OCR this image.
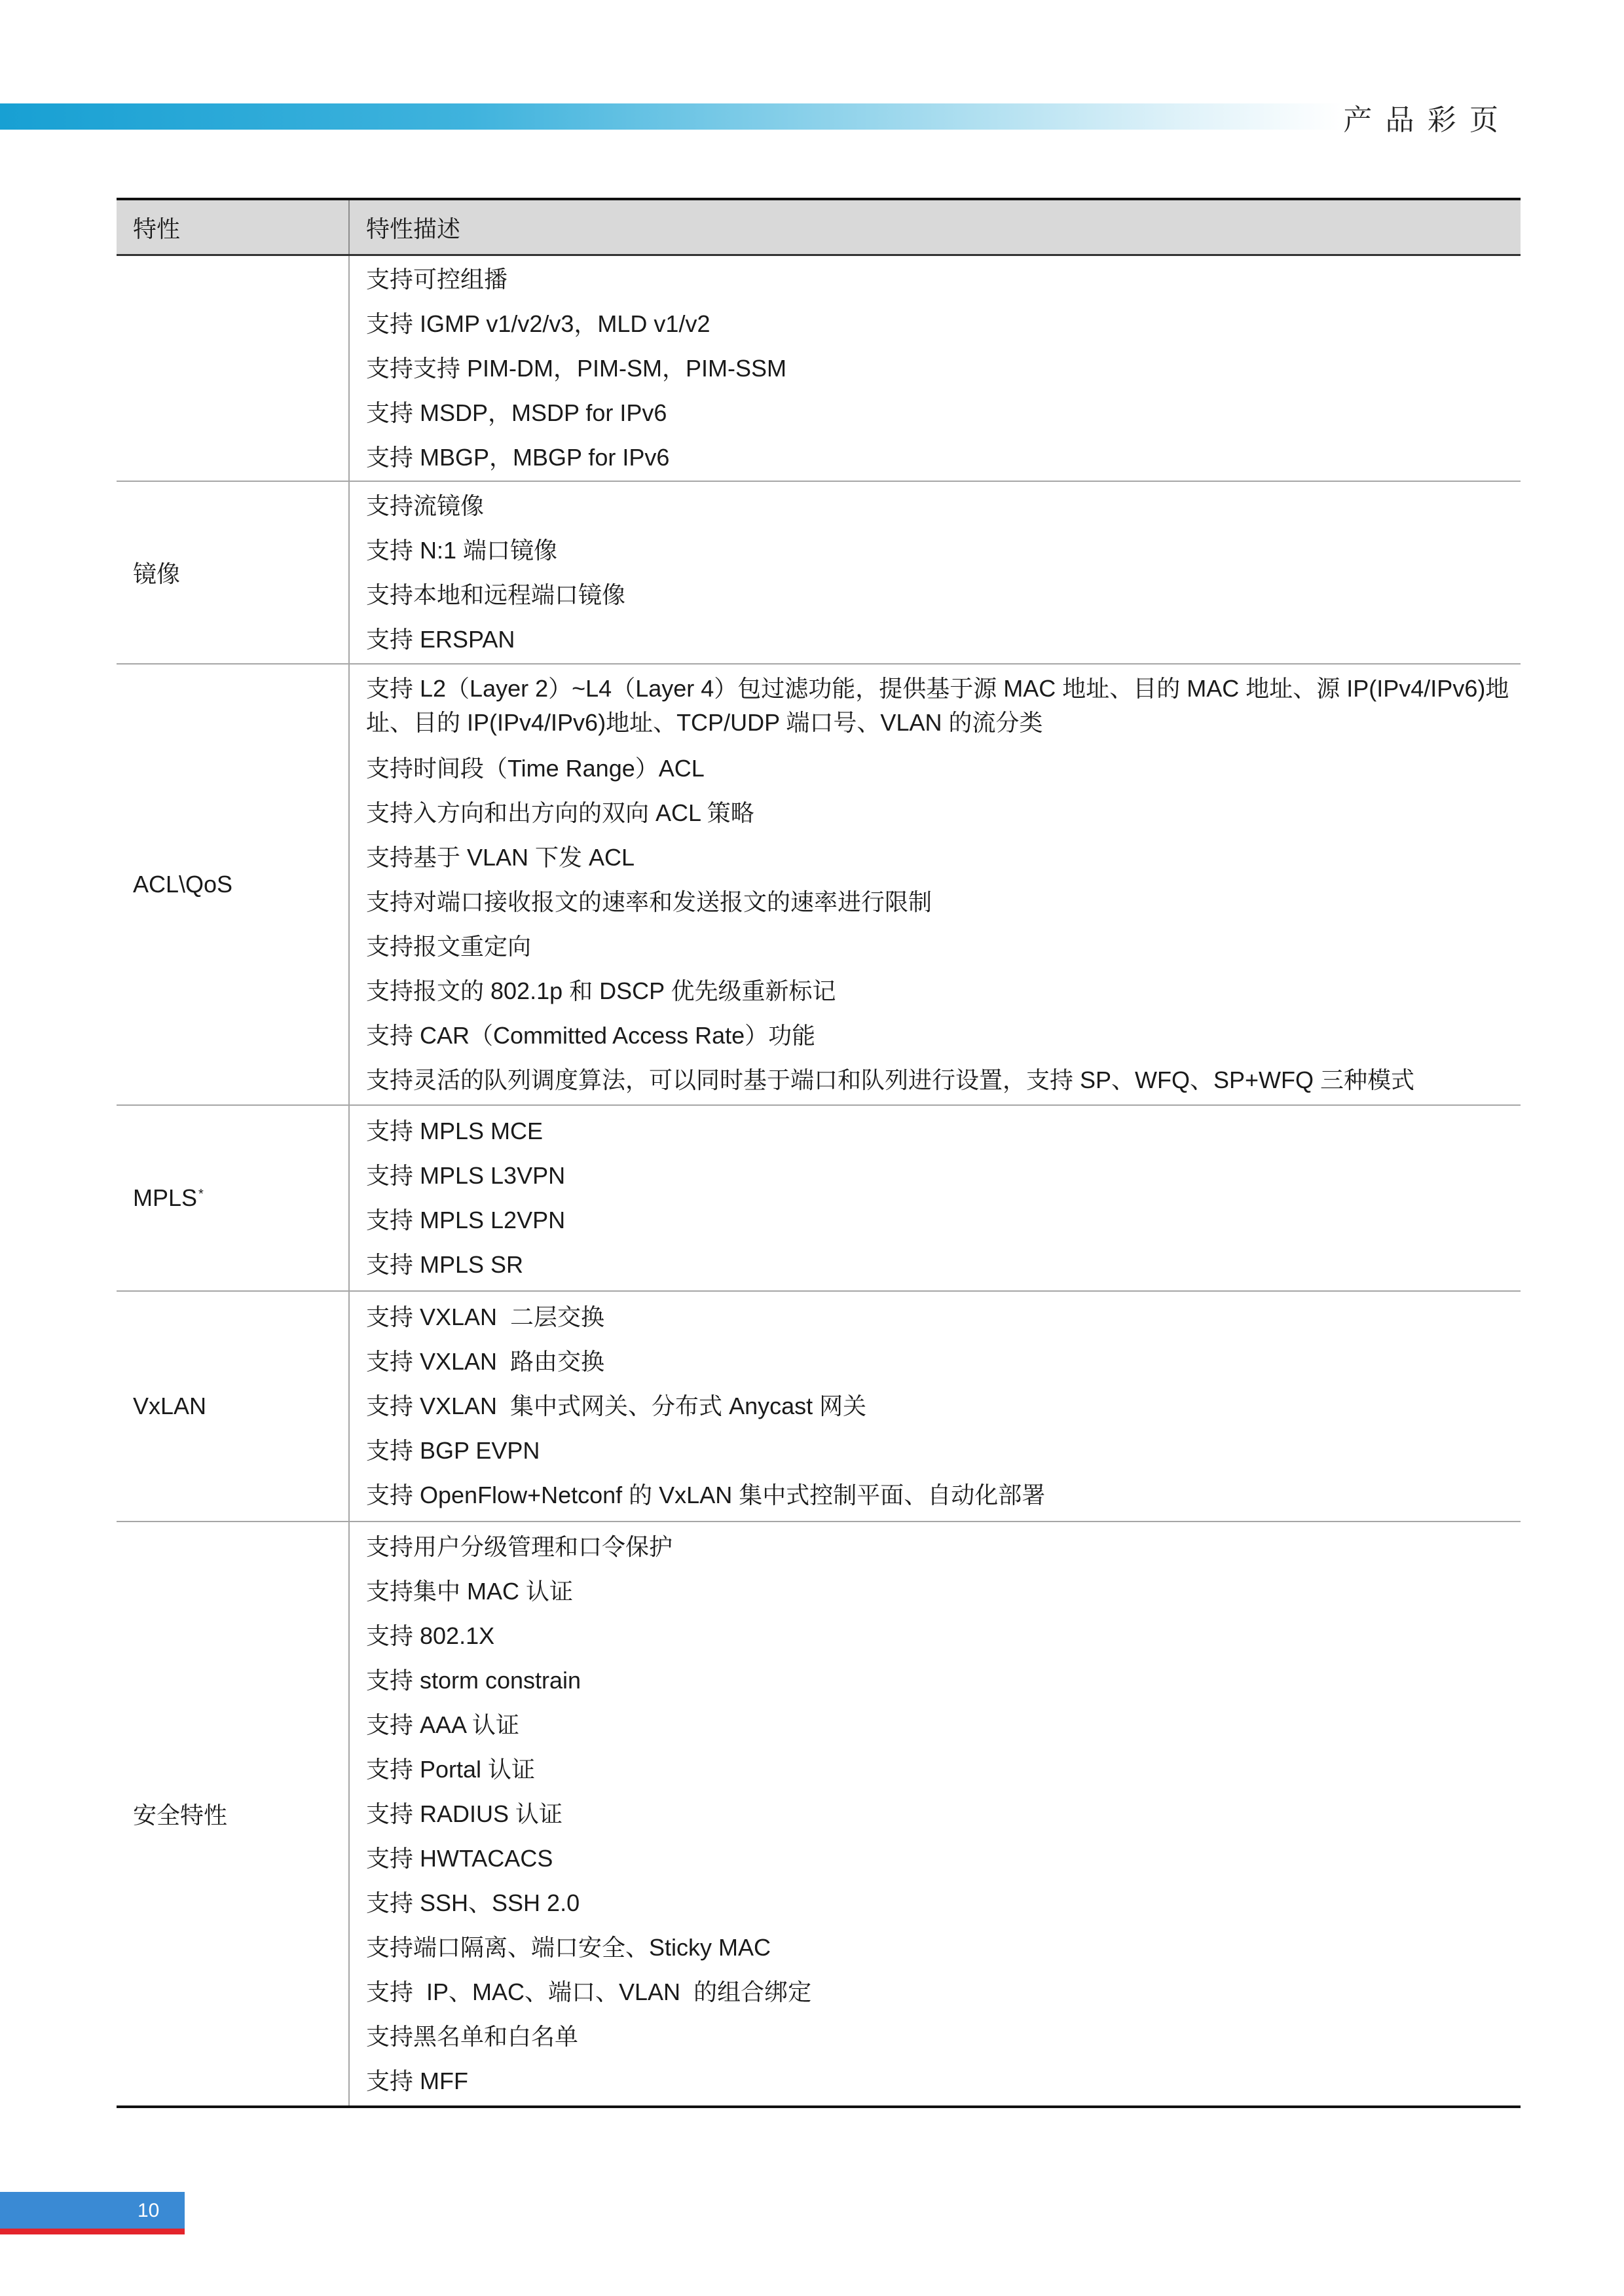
产 品 彩 页
特性	特性描述
支持可控组播
支持 IGMP v1/v2/v3，MLD v1/v2
支持支持 PIM-DM，PIM-SM，PIM-SSM
支持 MSDP，MSDP for IPv6
支持 MBGP，MBGP for IPv6
镜像
支持流镜像
支持 N:1 端口镜像
支持本地和远程端口镜像
支持 ERSPAN
ACL\QoS
支持 L2（Layer 2）~L4（Layer 4）包过滤功能，提供基于源 MAC 地址、目的 MAC 地址、源 IP(IPv4/IPv6)地址、目的 IP(IPv4/IPv6)地址、TCP/UDP 端口号、VLAN 的流分类
支持时间段（Time Range）ACL
支持入方向和出方向的双向 ACL 策略
支持基于 VLAN 下发 ACL
支持对端口接收报文的速率和发送报文的速率进行限制
支持报文重定向
支持报文的 802.1p 和 DSCP 优先级重新标记
支持 CAR（Committed Access Rate）功能
支持灵活的队列调度算法，可以同时基于端口和队列进行设置，支持 SP、WFQ、SP+WFQ 三种模式
MPLS*
支持 MPLS MCE
支持 MPLS L3VPN
支持 MPLS L2VPN
支持 MPLS SR
VxLAN
支持 VXLAN  二层交换
支持 VXLAN  路由交换
支持 VXLAN  集中式网关、分布式 Anycast 网关
支持 BGP EVPN
支持 OpenFlow+Netconf 的 VxLAN 集中式控制平面、自动化部署
安全特性
支持用户分级管理和口令保护
支持集中 MAC 认证
支持 802.1X
支持 storm constrain
支持 AAA 认证
支持 Portal 认证
支持 RADIUS 认证
支持 HWTACACS
支持 SSH、SSH 2.0
支持端口隔离、端口安全、Sticky MAC
支持  IP、MAC、端口、VLAN  的组合绑定
支持黑名单和白名单
支持 MFF
10
